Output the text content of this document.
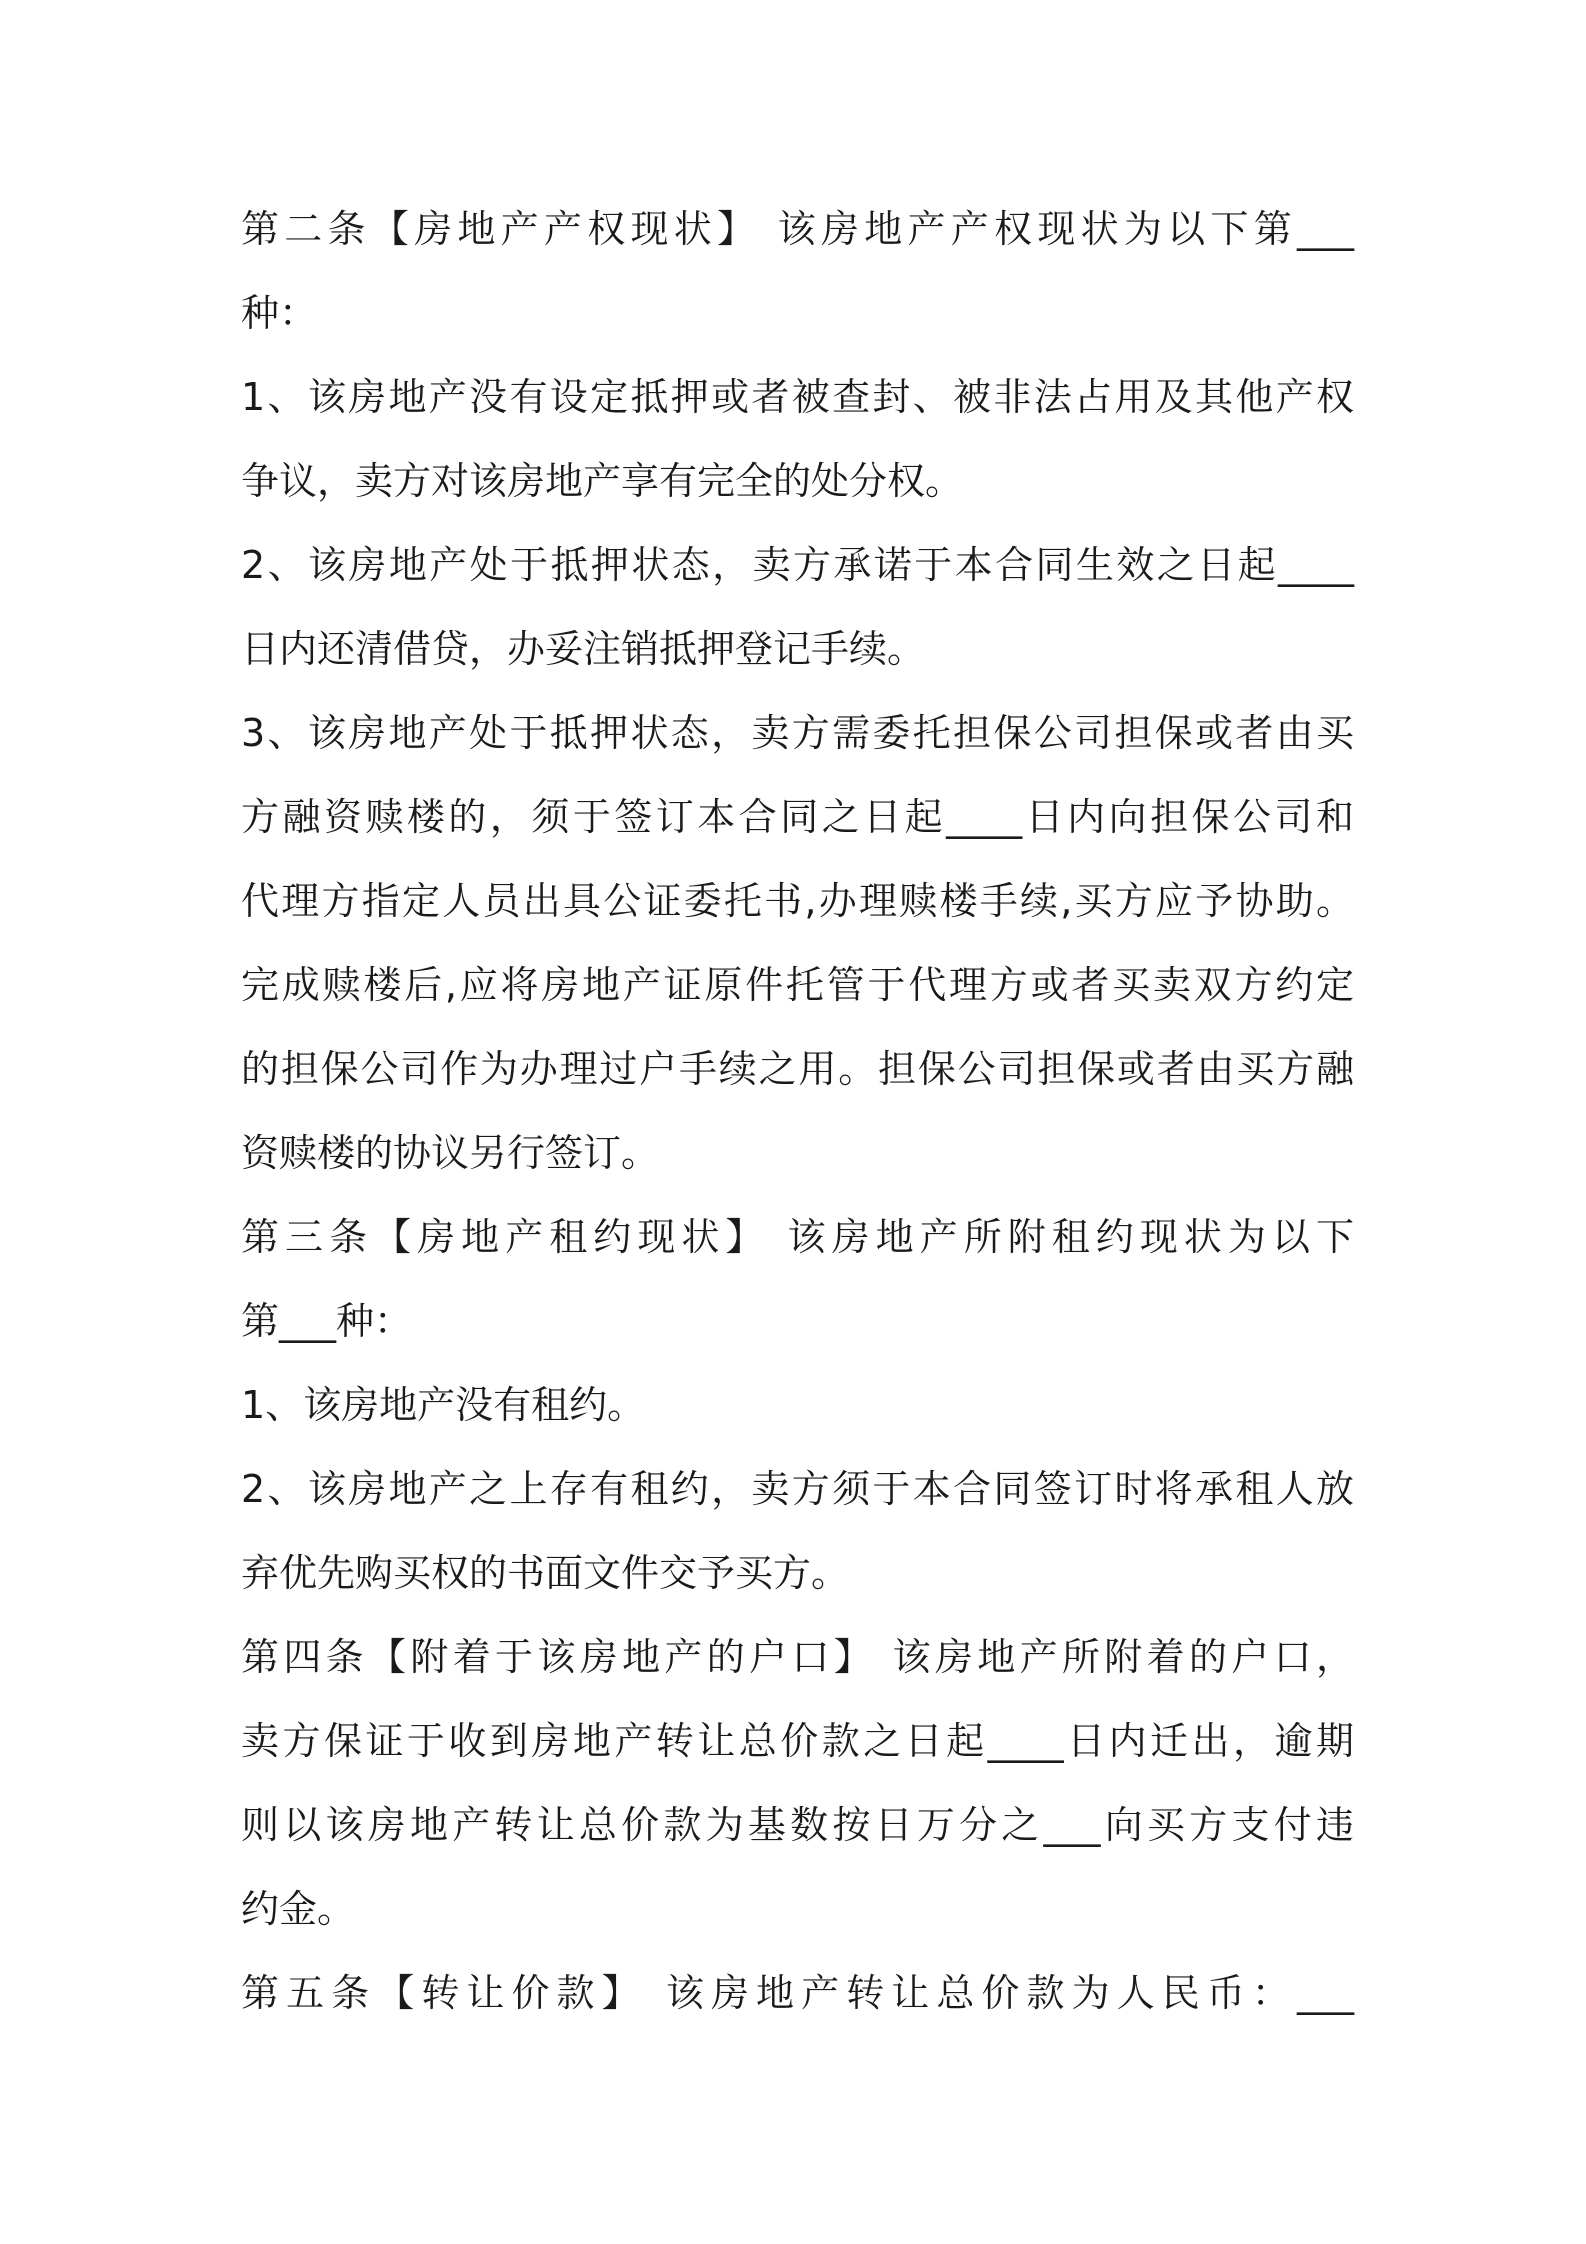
第二条【房地产产权现状】 该房地产产权现状为以下第___
种：
1、该房地产没有设定抵押或者被查封、被非法占用及其他产权
争议，卖方对该房地产享有完全的处分权。
2、该房地产处于抵押状态，卖方承诺于本合同生效之日起____
日内还清借贷，办妥注销抵押登记手续。
3、该房地产处于抵押状态，卖方需委托担保公司担保或者由买
方融资赎楼的，须于签订本合同之日起____日内向担保公司和
代理方指定人员出具公证委托书,办理赎楼手续,买方应予协助。
完成赎楼后,应将房地产证原件托管于代理方或者买卖双方约定
的担保公司作为办理过户手续之用。担保公司担保或者由买方融
资赎楼的协议另行签订。
第三条【房地产租约现状】 该房地产所附租约现状为以下
第___种：
1、该房地产没有租约。
2、该房地产之上存有租约，卖方须于本合同签订时将承租人放
弃优先购买权的书面文件交予买方。
第四条【附着于该房地产的户口】 该房地产所附着的户口，
卖方保证于收到房地产转让总价款之日起____日内迁出，逾期
则以该房地产转让总价款为基数按日万分之___向买方支付违
约金。
第五条【转让价款】 该房地产转让总价款为人民币：___
